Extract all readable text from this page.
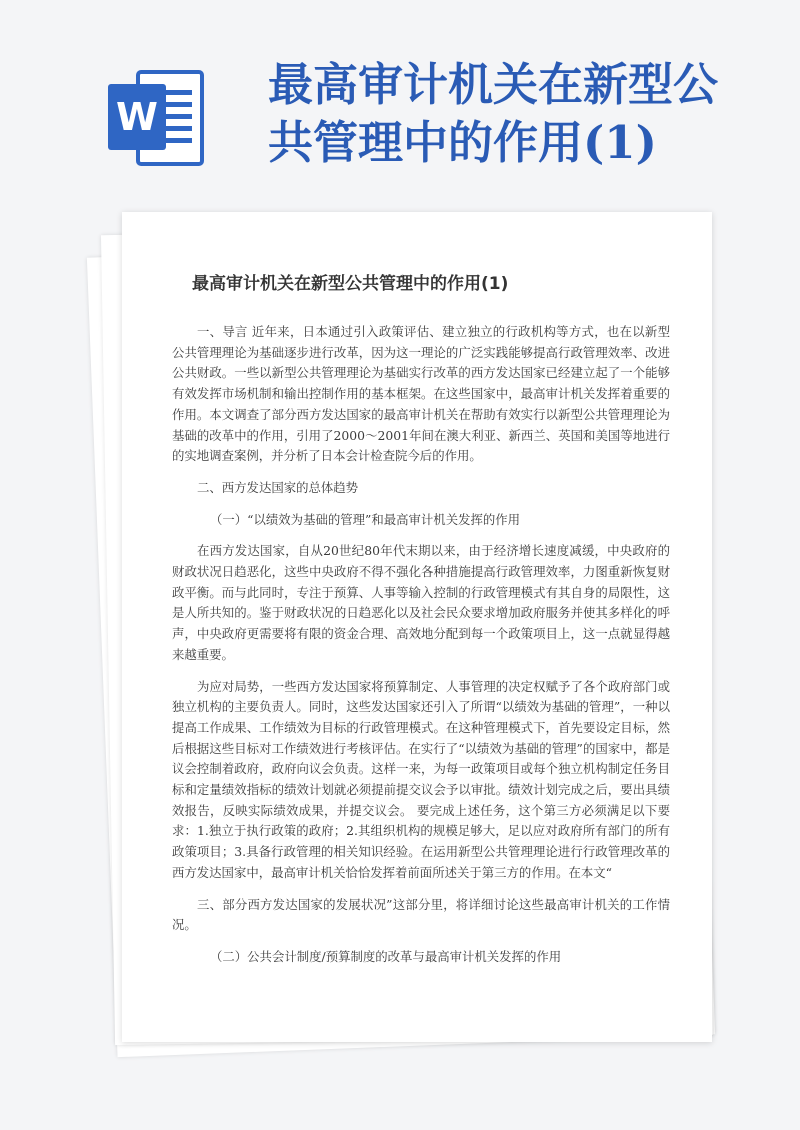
W
最高审计机关在新型公
共管理中的作用(1)
最高审计机关在新型公共管理中的作用(1)

一、导言 近年来，日本通过引入政策评估、建立独立的行政机构等方式，也在以新型公共管理理论为基础逐步进行改革，因为这一理论的广泛实践能够提高行政管理效率、改进公共财政。一些以新型公共管理理论为基础实行改革的西方发达国家已经建立起了一个能够有效发挥市场机制和输出控制作用的基本框架。在这些国家中，最高审计机关发挥着重要的作用。本文调查了部分西方发达国家的最高审计机关在帮助有效实行以新型公共管理理论为基础的改革中的作用，引用了2000～2001年间在澳大利亚、新西兰、英国和美国等地进行的实地调查案例，并分析了日本会计检查院今后的作用。

二、西方发达国家的总体趋势

（一）“以绩效为基础的管理”和最高审计机关发挥的作用

在西方发达国家，自从20世纪80年代末期以来，由于经济增长速度减缓，中央政府的财政状况日趋恶化，这些中央政府不得不强化各种措施提高行政管理效率，力图重新恢复财政平衡。而与此同时，专注于预算、人事等输入控制的行政管理模式有其自身的局限性，这是人所共知的。鉴于财政状况的日趋恶化以及社会民众要求增加政府服务并使其多样化的呼声，中央政府更需要将有限的资金合理、高效地分配到每一个政策项目上，这一点就显得越来越重要。

为应对局势，一些西方发达国家将预算制定、人事管理的决定权赋予了各个政府部门或独立机构的主要负责人。同时，这些发达国家还引入了所谓“以绩效为基础的管理”，一种以提高工作成果、工作绩效为目标的行政管理模式。在这种管理模式下，首先要设定目标，然后根据这些目标对工作绩效进行考核评估。在实行了“以绩效为基础的管理”的国家中，都是议会控制着政府，政府向议会负责。这样一来，为每一政策项目或每个独立机构制定任务目标和定量绩效指标的绩效计划就必须提前提交议会予以审批。绩效计划完成之后，要出具绩效报告，反映实际绩效成果，并提交议会。 要完成上述任务，这个第三方必须满足以下要求：1.独立于执行政策的政府；2.其组织机构的规模足够大，足以应对政府所有部门的所有政策项目；3.具备行政管理的相关知识经验。在运用新型公共管理理论进行行政管理改革的西方发达国家中，最高审计机关恰恰发挥着前面所述关于第三方的作用。在本文“

三、部分西方发达国家的发展状况”这部分里，将详细讨论这些最高审计机关的工作情况。

（二）公共会计制度/预算制度的改革与最高审计机关发挥的作用
